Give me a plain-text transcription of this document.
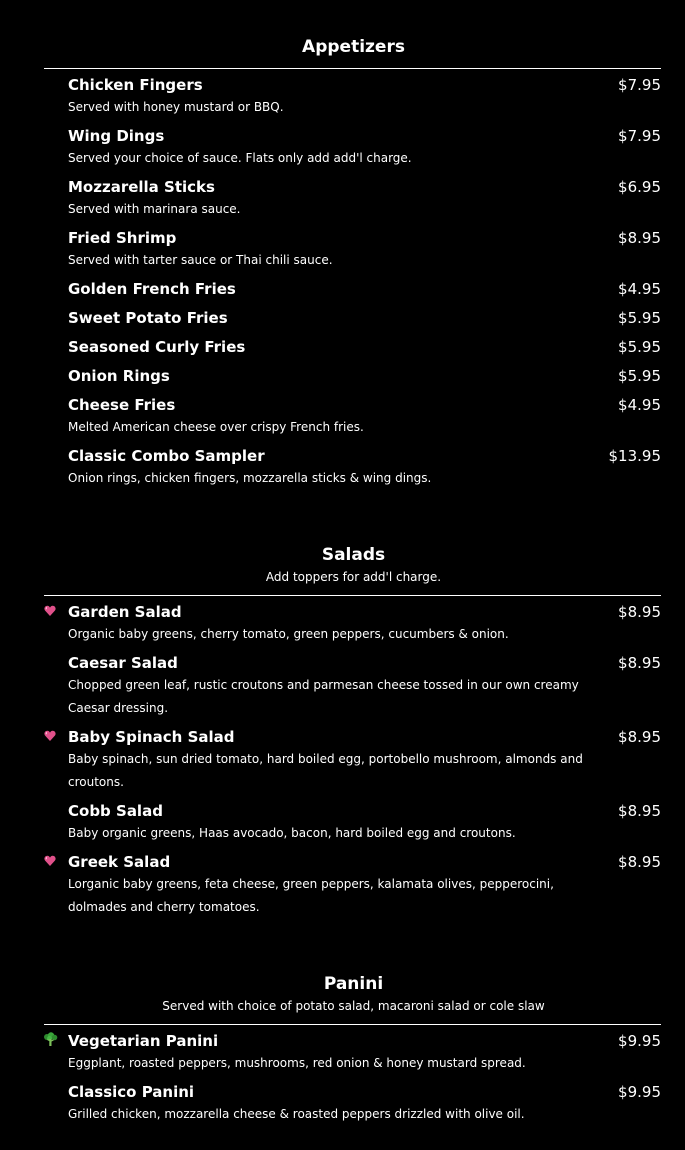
Appetizers
Chicken Fingers	$7.95
Served with honey mustard or BBQ.
Wing Dings	$7.95
Served your choice of sauce. Flats only add add'l charge.
Mozzarella Sticks	$6.95
Served with marinara sauce.
Fried Shrimp	$8.95
Served with tarter sauce or Thai chili sauce.
Golden French Fries	$4.95
Sweet Potato Fries	$5.95
Seasoned Curly Fries	$5.95
Onion Rings	$5.95
Cheese Fries	$4.95
Melted American cheese over crispy French fries.
Classic Combo Sampler	$13.95
Onion rings, chicken fingers, mozzarella sticks & wing dings.
Salads

Add toppers for add'l charge.

Garden Salad	$8.95
Organic baby greens, cherry tomato, green peppers, cucumbers & onion.
Caesar Salad	$8.95
Chopped green leaf, rustic croutons and parmesan cheese tossed in our own creamy Caesar dressing.
Baby Spinach Salad	$8.95
Baby spinach, sun dried tomato, hard boiled egg, portobello mushroom, almonds and croutons.
Cobb Salad	$8.95
Baby organic greens, Haas avocado, bacon, hard boiled egg and croutons.
Greek Salad	$8.95
Lorganic baby greens, feta cheese, green peppers, kalamata olives, pepperocini, dolmades and cherry tomatoes.
Panini

Served with choice of potato salad, macaroni salad or cole slaw

Vegetarian Panini	$9.95
Eggplant, roasted peppers, mushrooms, red onion & honey mustard spread.
Classico Panini	$9.95
Grilled chicken, mozzarella cheese & roasted peppers drizzled with olive oil.
